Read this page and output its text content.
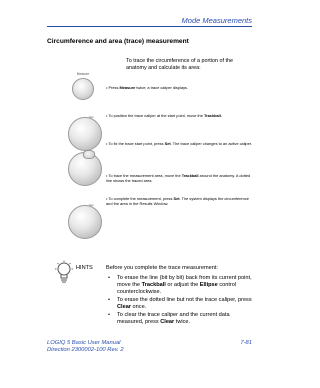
Mode Measurements
Circumference and area (trace) measurement
To trace the circumference of a portion of the anatomy and calculate its area:
Measure
Set
Set
• Press Measure twice; a trace caliper displays.
• To position the trace caliper at the start point, move the Trackball.
• To fix the trace start point, press Set. The trace caliper changes to an active caliper.
• To trace the measurement area, move the Trackball around the anatomy. A dotted line shows the traced area.
• To complete the measurement, press Set. The system displays the circumference and the area in the Results Window.
HINTS Before you complete the trace measurement:
•	To erase the line (bit by bit) back from its current point, move the Trackball or adjust the Ellipse control counterclockwise.
•	To erase the dotted line but not the trace caliper, press Clear once.
•	To clear the trace caliper and the current data measured, press Clear twice.
LOGIQ 5 Basic User Manual
Direction 2300002-100 Rev. 2
7-81
